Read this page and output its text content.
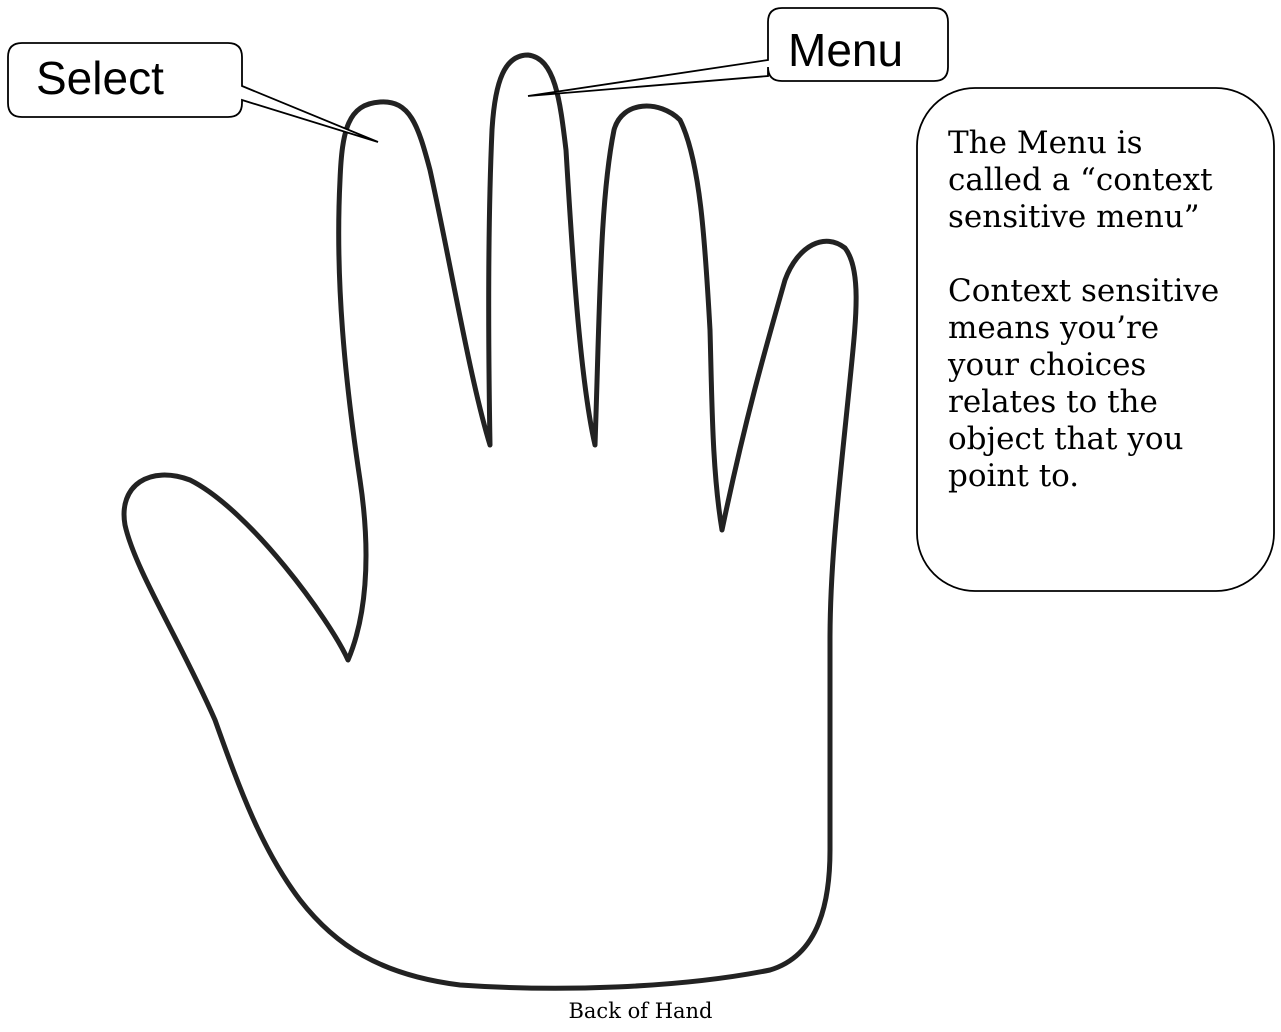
Select
Menu

The Menu is

called a “context

sensitive menu”

Context sensitive

means you’re

your choices

relates to the

object that you

point to.

Back of Hand
